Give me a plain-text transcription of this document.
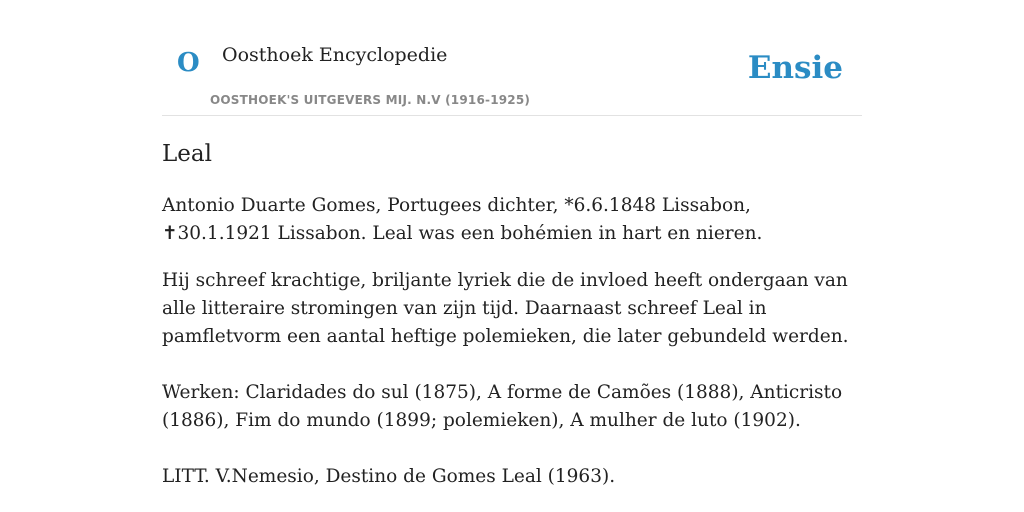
O Oosthoek Encyclopedie
OOSTHOEK'S UITGEVERS MIJ. N.V (1916-1925)
Ensie
Leal

Antonio Duarte Gomes, Portugees dichter, *6.6.1848 Lissabon, ✝30.1.1921 Lissabon. Leal was een bohémien in hart en nieren.

Hij schreef krachtige, briljante lyriek die de invloed heeft ondergaan van alle litteraire stromingen van zijn tijd. Daarnaast schreef Leal in pamfletvorm een aantal heftige polemieken, die later gebundeld werden.

Werken: Claridades do sul (1875), A forme de Camões (1888), Anticristo (1886), Fim do mundo (1899; polemieken), A mulher de luto (1902).

LITT. V.Nemesio, Destino de Gomes Leal (1963).
